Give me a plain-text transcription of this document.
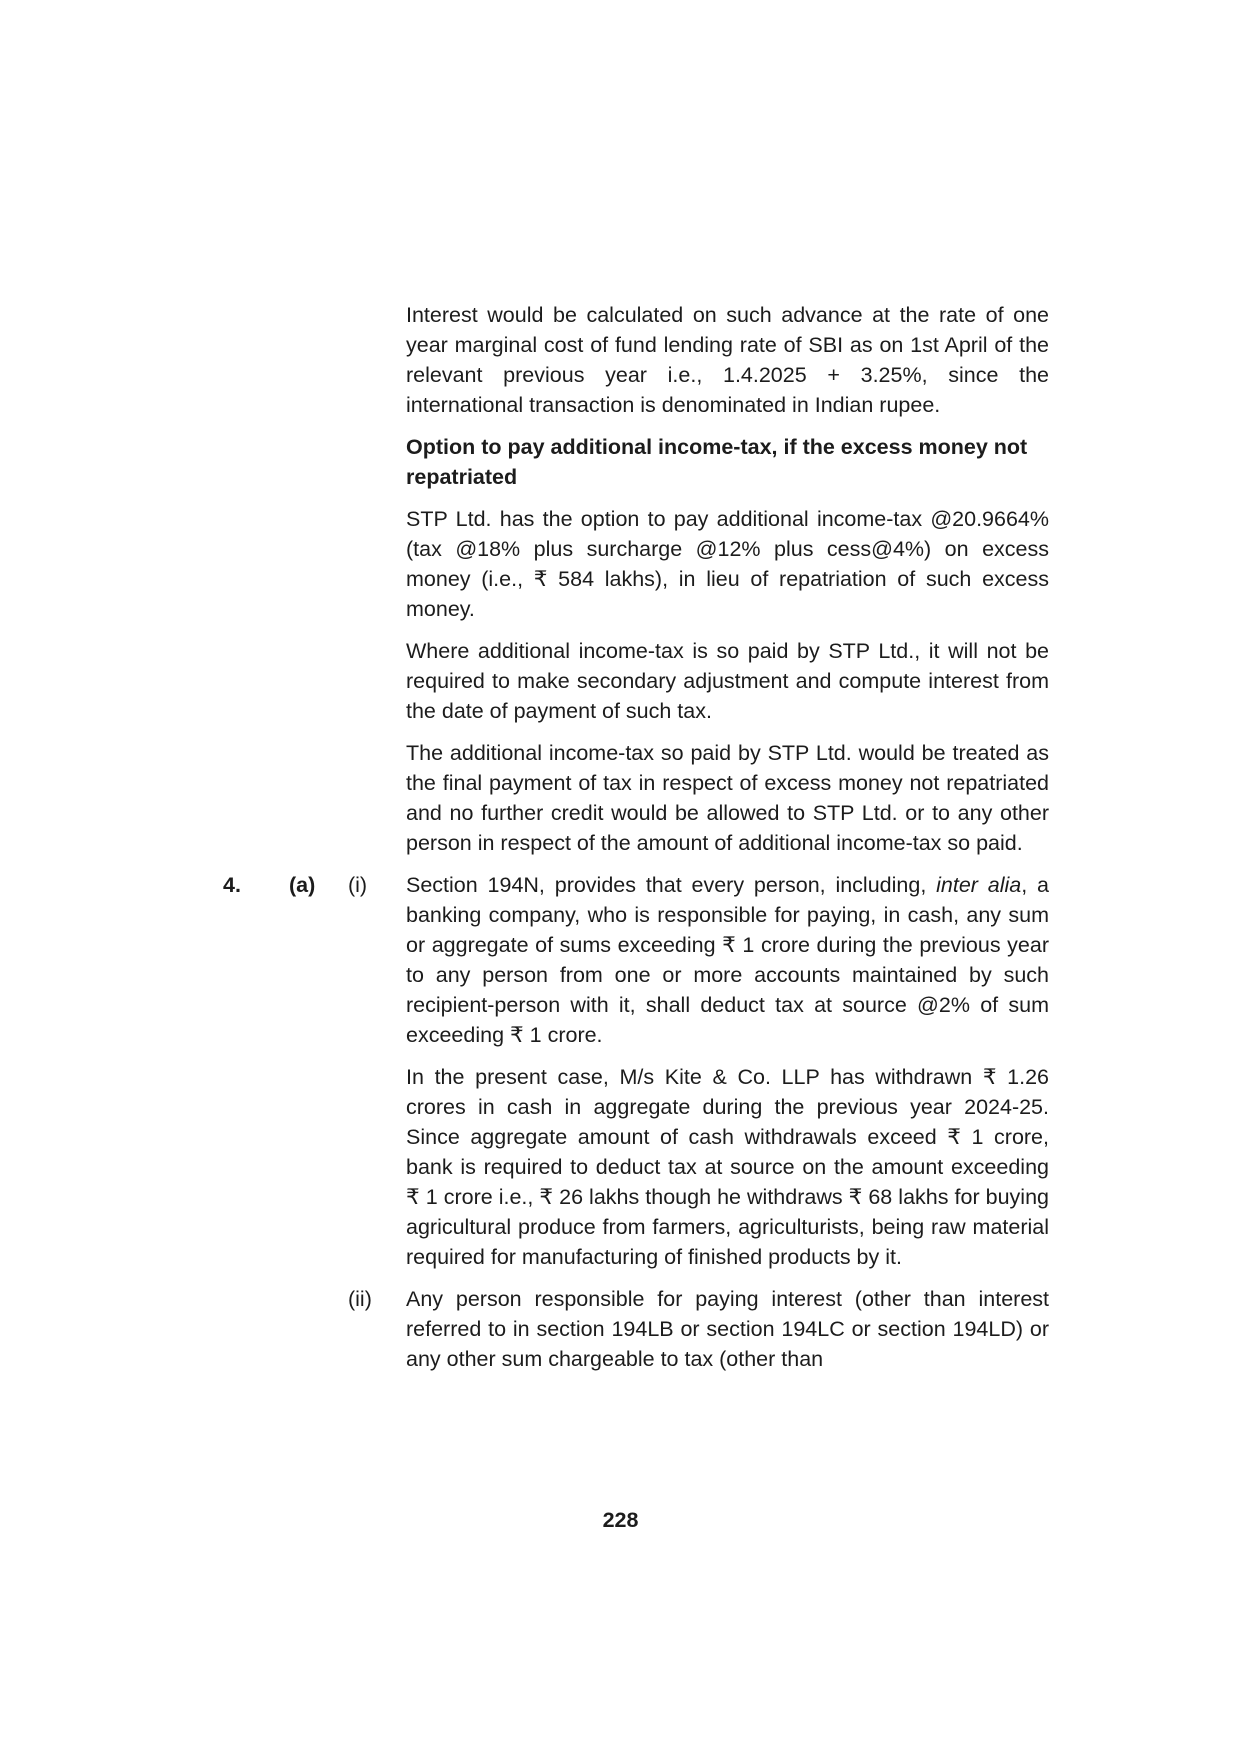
Interest would be calculated on such advance at the rate of one year marginal cost of fund lending rate of SBI as on 1st April of the relevant previous year i.e., 1.4.2025 + 3.25%, since the international transaction is denominated in Indian rupee.

Option to pay additional income-tax, if the excess money not repatriated

STP Ltd. has the option to pay additional income-tax @20.9664% (tax @18% plus surcharge @12% plus cess@4%) on excess money (i.e., ₹ 584 lakhs), in lieu of repatriation of such excess money.

Where additional income-tax is so paid by STP Ltd., it will not be required to make secondary adjustment and compute interest from the date of payment of such tax.

The additional income-tax so paid by STP Ltd. would be treated as the final payment of tax in respect of excess money not repatriated and no further credit would be allowed to STP Ltd. or to any other person in respect of the amount of additional income-tax so paid.

4.	(a)	(i)	Section 194N, provides that every person, including, inter alia, a banking company, who is responsible for paying, in cash, any sum or aggregate of sums exceeding ₹ 1 crore during the previous year to any person from one or more accounts maintained by such recipient-person with it, shall deduct tax at source @2% of sum exceeding ₹ 1 crore.

In the present case, M/s Kite & Co. LLP has withdrawn ₹ 1.26 crores in cash in aggregate during the previous year 2024-25. Since aggregate amount of cash withdrawals exceed ₹ 1 crore, bank is required to deduct tax at source on the amount exceeding ₹ 1 crore i.e., ₹ 26 lakhs though he withdraws ₹ 68 lakhs for buying agricultural produce from farmers, agriculturists, being raw material required for manufacturing of finished products by it.

(ii)	Any person responsible for paying interest (other than interest referred to in section 194LB or section 194LC or section 194LD) or any other sum chargeable to tax (other than
228
